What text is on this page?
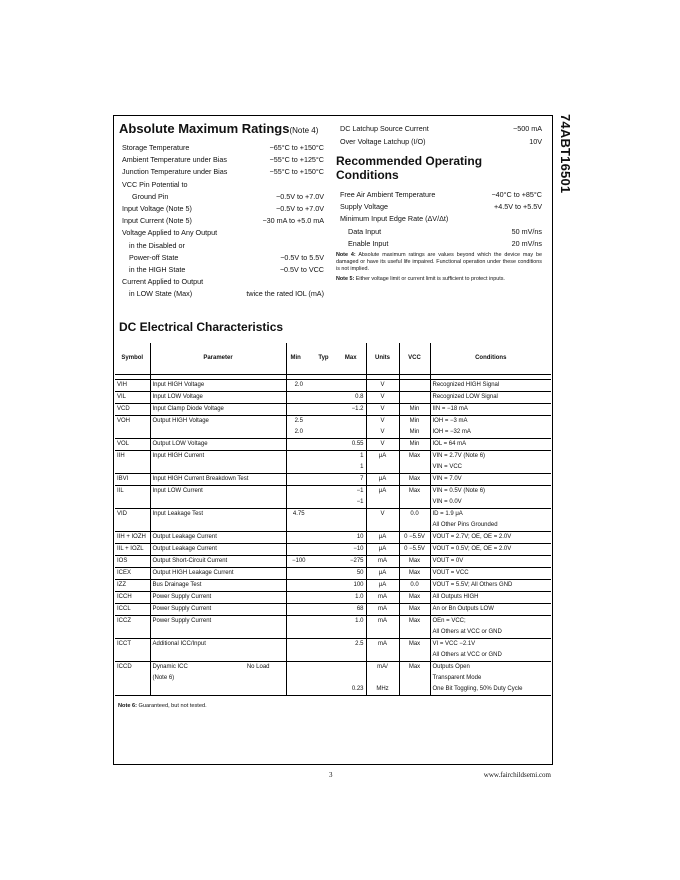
74ABT16501
Absolute Maximum Ratings(Note 4)
Storage Temperature	−65°C to +150°C
Ambient Temperature under Bias	−55°C to +125°C
Junction Temperature under Bias	−55°C to +150°C
VCC Pin Potential to
Ground Pin	−0.5V to +7.0V
Input Voltage (Note 5)	−0.5V to +7.0V
Input Current (Note 5)	−30 mA to +5.0 mA
Voltage Applied to Any Output
in the Disabled or
Power-off State	−0.5V to 5.5V
in the HIGH State	−0.5V to VCC
Current Applied to Output
in LOW State (Max)	twice the rated IOL (mA)
DC Latchup Source Current	−500 mA
Over Voltage Latchup (I/O)	10V
Recommended Operating Conditions
Free Air Ambient Temperature	−40°C to +85°C
Supply Voltage	+4.5V to +5.5V
Minimum Input Edge Rate (ΔV/Δt)
Data Input	50 mV/ns
Enable Input	20 mV/ns
Note 4: Absolute maximum ratings are values beyond which the device may be damaged or have its useful life impaired. Functional operation under these conditions is not implied.
Note 5: Either voltage limit or current limit is sufficient to protect inputs.
DC Electrical Characteristics
Symbol	Parameter	Min	Typ	Max	Units	VCC	Conditions

VIH	Input HIGH Voltage	2.0			V		Recognized HIGH Signal
VIL	Input LOW Voltage			0.8	V		Recognized LOW Signal
VCD	Input Clamp Diode Voltage			−1.2	V	Min	IIN = −18 mA
VOH	Output HIGH Voltage	2.5			V	Min	IOH = −3 mA
		2.0			V	Min	IOH = −32 mA
VOL	Output LOW Voltage			0.55	V	Min	IOL = 64 mA
IIH	Input HIGH Current			1	μA	Max	VIN = 2.7V (Note 6)
				1			VIN = VCC
IBVI	Input HIGH Current Breakdown Test			7	μA	Max	VIN = 7.0V
IIL	Input LOW Current			−1	μA	Max	VIN = 0.5V (Note 6)
				−1			VIN = 0.0V
VID	Input Leakage Test	4.75			V	0.0	ID = 1.9 μA
							All Other Pins Grounded
IIH + IOZH	Output Leakage Current			10	μA	0 −5.5V	VOUT = 2.7V; OE, OE = 2.0V
IIL + IOZL	Output Leakage Current			−10	μA	0 −5.5V	VOUT = 0.5V; OE, OE = 2.0V
IOS	Output Short-Circuit Current	−100		−275	mA	Max	VOUT = 0V
ICEX	Output HIGH Leakage Current			50	μA	Max	VOUT = VCC
IZZ	Bus Drainage Test			100	μA	0.0	VOUT = 5.5V; All Others GND
ICCH	Power Supply Current			1.0	mA	Max	All Outputs HIGH
ICCL	Power Supply Current			68	mA	Max	An or Bn Outputs LOW
ICCZ	Power Supply Current			1.0	mA	Max	OEn = VCC;
							All Others at VCC or GND
ICCT	Additional ICC/Input			2.5	mA	Max	VI = VCC −2.1V
							All Others at VCC or GND
ICCD	Dynamic ICC No Load				mA/	Max	Outputs Open
	(Note 6)						Transparent Mode
				0.23	MHz		One Bit Toggling, 50% Duty Cycle
Note 6: Guaranteed, but not tested.
3	www.fairchildsemi.com
